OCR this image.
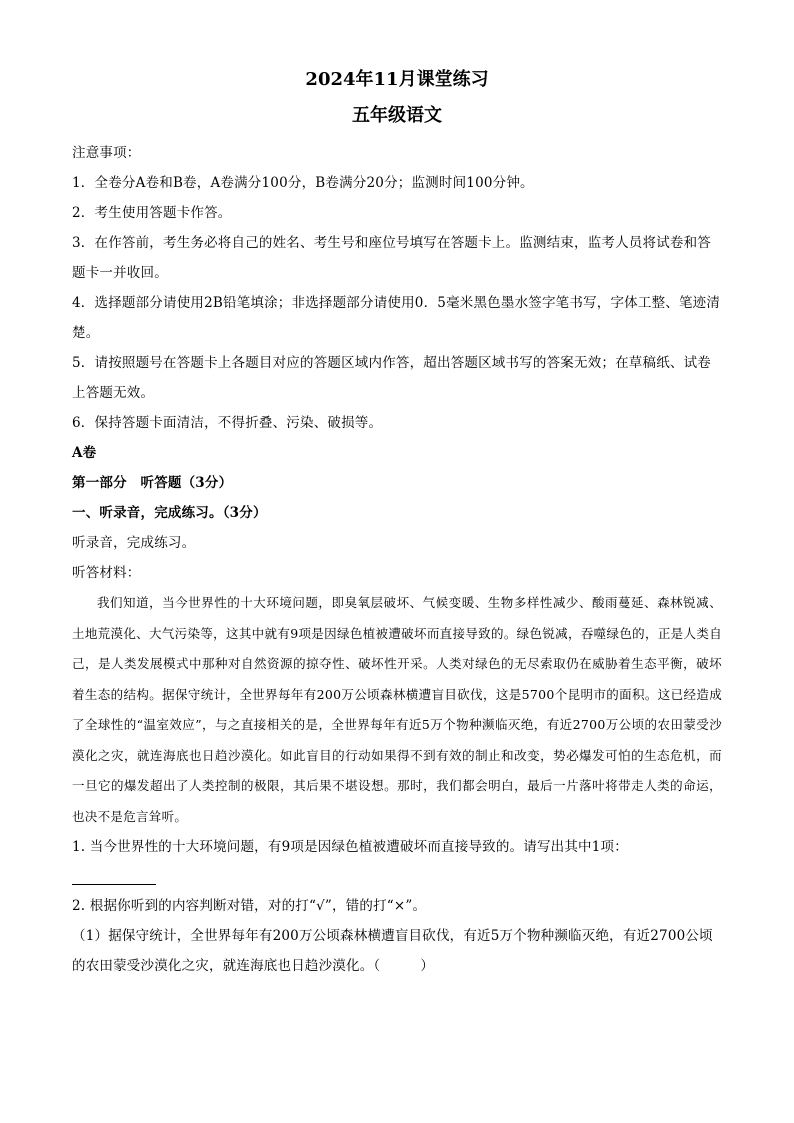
2024年11月课堂练习
五年级语文

注意事项：

1．全卷分A卷和B卷，A卷满分100分，B卷满分20分；监测时间100分钟。

2．考生使用答题卡作答。

3．在作答前，考生务必将自己的姓名、考生号和座位号填写在答题卡上。监测结束，监考人员将试卷和答题卡一并收回。

4．选择题部分请使用2B铅笔填涂；非选择题部分请使用0．5毫米黑色墨水签字笔书写，字体工整、笔迹清楚。

5．请按照题号在答题卡上各题目对应的答题区域内作答，超出答题区域书写的答案无效；在草稿纸、试卷上答题无效。

6．保持答题卡面清洁，不得折叠、污染、破损等。

A卷

第一部分　听答题（3分）

一、听录音，完成练习。（3分）

听录音，完成练习。

听答材料：

我们知道，当今世界性的十大环境问题，即臭氧层破坏、气候变暖、生物多样性减少、酸雨蔓延、森林锐减、土地荒漠化、大气污染等，这其中就有9项是因绿色植被遭破坏而直接导致的。绿色锐减，吞噬绿色的，正是人类自己，是人类发展模式中那种对自然资源的掠夺性、破坏性开采。人类对绿色的无尽索取仍在威胁着生态平衡，破坏着生态的结构。据保守统计，全世界每年有200万公顷森林横遭盲目砍伐，这是5700个昆明市的面积。这已经造成了全球性的“温室效应”，与之直接相关的是，全世界每年有近5万个物种濒临灭绝，有近2700万公顷的农田蒙受沙漠化之灾，就连海底也日趋沙漠化。如此盲目的行动如果得不到有效的制止和改变，势必爆发可怕的生态危机，而一旦它的爆发超出了人类控制的极限，其后果不堪设想。那时，我们都会明白，最后一片落叶将带走人类的命运，也决不是危言耸听。

1. 当今世界性的十大环境问题，有9项是因绿色植被遭破坏而直接导致的。请写出其中1项：

2. 根据你听到的内容判断对错，对的打“√”，错的打“×”。

（1）据保守统计，全世界每年有200万公顷森林横遭盲目砍伐，有近5万个物种濒临灭绝，有近2700公顷的农田蒙受沙漠化之灾，就连海底也日趋沙漠化。（	）
